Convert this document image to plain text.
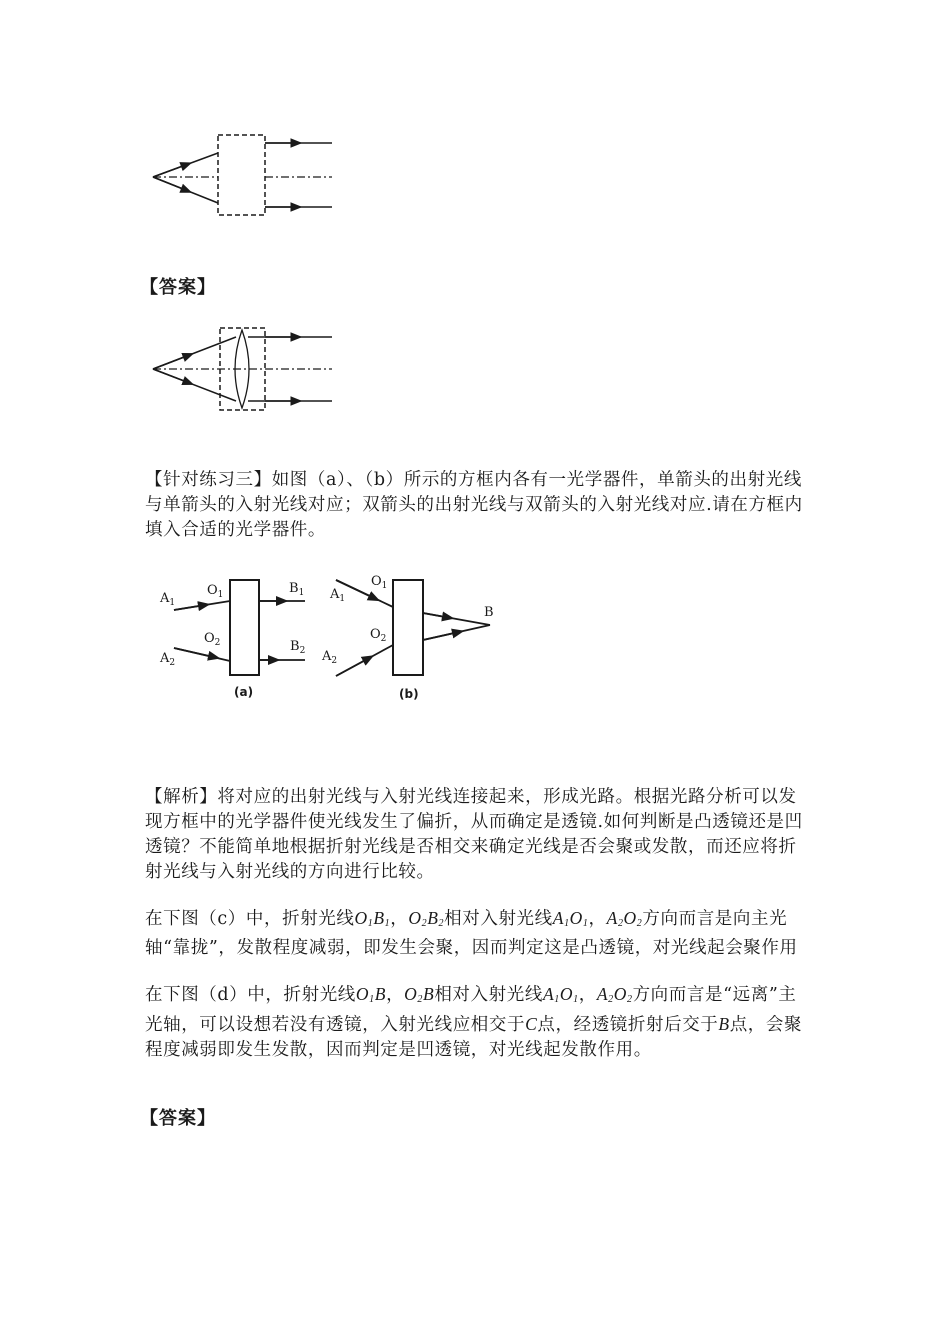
【答案】

【针对练习三】如图（a）、（b）所示的方框内各有一光学器件，单箭头的出射光线与单箭头的入射光线对应；双箭头的出射光线与双箭头的入射光线对应.请在方框内填入合适的光学器件。

$A_1$
$O_1$	$B_1$
$O_2$
$A_2$
$B_2$
(a)
$A_1$
$O_1$
$O_2$
$A_2$
B
(b)

【解析】将对应的出射光线与入射光线连接起来，形成光路。根据光路分析可以发现方框中的光学器件使光线发生了偏折，从而确定是透镜.如何判断是凸透镜还是凹透镜？不能简单地根据折射光线是否相交来确定光线是否会聚或发散，而还应将折射光线与入射光线的方向进行比较。

在下图（c）中，折射光线$O_1B_1$，$O_2B_2$相对入射光线$A_1O_1$，$A_2O_2$方向而言是向主光轴“靠拢”，发散程度减弱，即发生会聚，因而判定这是凸透镜，对光线起会聚作用

在下图（d）中，折射光线$O_1B$，$O_2B$相对入射光线$A_1O_1$，$A_2O_2$方向而言是“远离”主光轴，可以设想若没有透镜，入射光线应相交于C点，经透镜折射后交于B点，会聚程度减弱即发生发散，因而判定是凹透镜，对光线起发散作用。

【答案】
